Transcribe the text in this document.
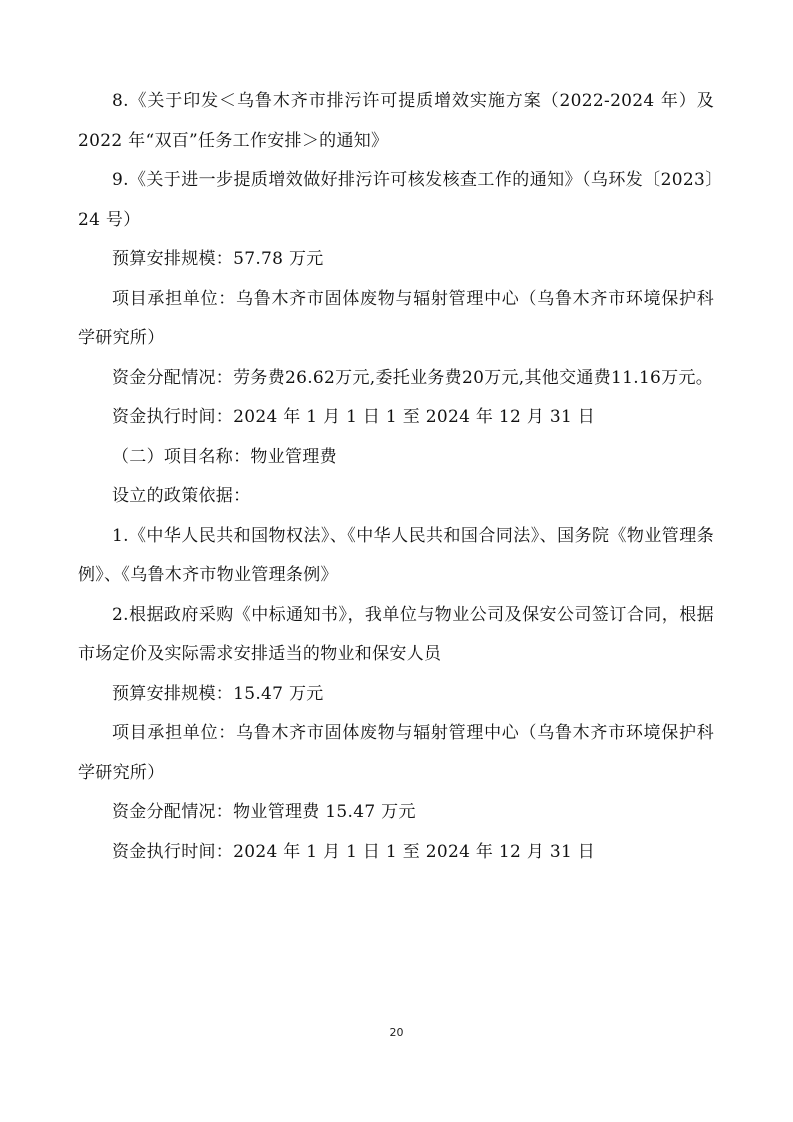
8.《关于印发＜乌鲁木齐市排污许可提质增效实施方案（2022-2024 年）及 2022 年“双百”任务工作安排＞的通知》

9.《关于进一步提质增效做好排污许可核发核查工作的通知》（乌环发〔2023〕24 号）

预算安排规模：57.78 万元

项目承担单位：乌鲁木齐市固体废物与辐射管理中心（乌鲁木齐市环境保护科学研究所）

资金分配情况：劳务费26.62万元,委托业务费20万元,其他交通费11.16万元。

资金执行时间：2024 年 1 月 1 日 1 至 2024 年 12 月 31 日

（二）项目名称：物业管理费

设立的政策依据：

1.《中华人民共和国物权法》、《中华人民共和国合同法》、国务院《物业管理条例》、《乌鲁木齐市物业管理条例》

2.根据政府采购《中标通知书》，我单位与物业公司及保安公司签订合同，根据市场定价及实际需求安排适当的物业和保安人员

预算安排规模：15.47 万元

项目承担单位：乌鲁木齐市固体废物与辐射管理中心（乌鲁木齐市环境保护科学研究所）

资金分配情况：物业管理费 15.47 万元

资金执行时间：2024 年 1 月 1 日 1 至 2024 年 12 月 31 日

20
